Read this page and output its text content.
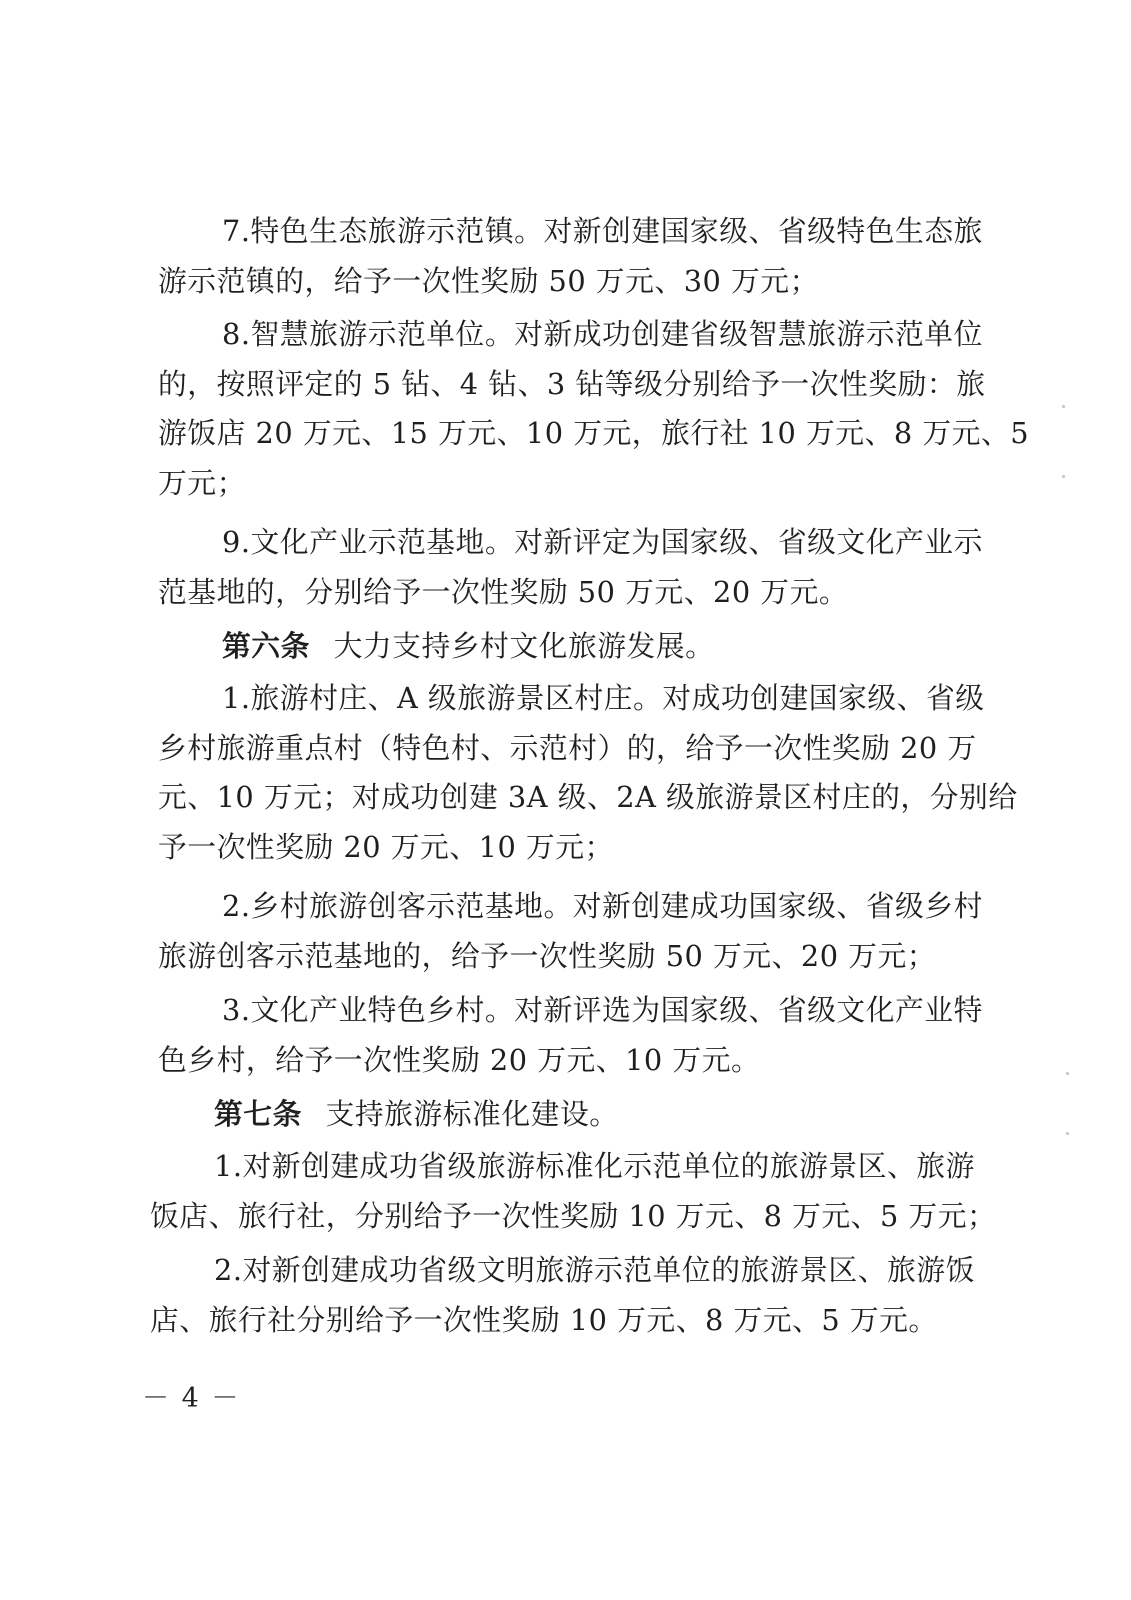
7.特色生态旅游示范镇。对新创建国家级、省级特色生态旅
游示范镇的，给予一次性奖励 50 万元、30 万元；
8.智慧旅游示范单位。对新成功创建省级智慧旅游示范单位
的，按照评定的 5 钻、4 钻、3 钻等级分别给予一次性奖励：旅
游饭店 20 万元、15 万元、10 万元，旅行社 10 万元、8 万元、5
万元；
9.文化产业示范基地。对新评定为国家级、省级文化产业示
范基地的，分别给予一次性奖励 50 万元、20 万元。
第六条 大力支持乡村文化旅游发展。
1.旅游村庄、A 级旅游景区村庄。对成功创建国家级、省级
乡村旅游重点村（特色村、示范村）的，给予一次性奖励 20 万
元、10 万元；对成功创建 3A 级、2A 级旅游景区村庄的，分别给
予一次性奖励 20 万元、10 万元；
2.乡村旅游创客示范基地。对新创建成功国家级、省级乡村
旅游创客示范基地的，给予一次性奖励 50 万元、20 万元；
3.文化产业特色乡村。对新评选为国家级、省级文化产业特
色乡村，给予一次性奖励 20 万元、10 万元。
第七条 支持旅游标准化建设。
1.对新创建成功省级旅游标准化示范单位的旅游景区、旅游
饭店、旅行社，分别给予一次性奖励 10 万元、8 万元、5 万元；
2.对新创建成功省级文明旅游示范单位的旅游景区、旅游饭
店、旅行社分别给予一次性奖励 10 万元、8 万元、5 万元。
－ 4 －
